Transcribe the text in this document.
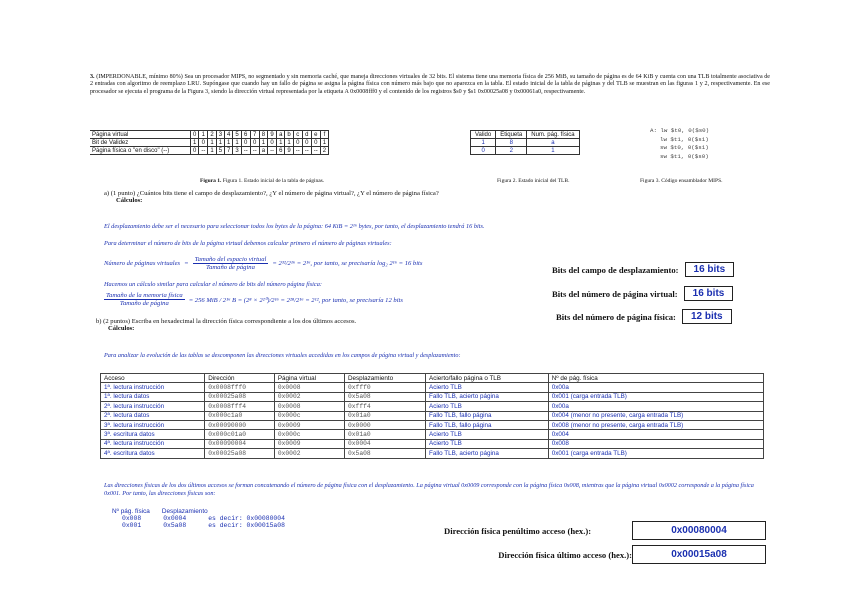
3. (IMPERDONABLE, mínimo 80%) Sea un procesador MIPS, no segmentado y sin memoria caché, que maneja direcciones virtuales de 32 bits. El sistema tiene una memoria física de 256 MiB, su tamaño de página es de 64 KiB y cuenta con una TLB totalmente asociativa de 2 entradas con algoritmo de reemplazo LRU. Supóngase que cuando hay un fallo de página se asigna la página física con número más bajo que no aparezca en la tabla. El estado inicial de la tabla de páginas y del TLB se muestran en las figuras 1 y 2, respectivamente. En ese procesador se ejecuta el programa de la Figura 3, siendo la dirección virtual representada por la etiqueta A 0x0008fff0 y el contenido de los registros $s0 y $s1 0x00025a08 y 0x00061a0, respectivamente.
Página virtual	0	1	2	3	4	5	6	7	8	9	a	b	c	d	e	f
Bit de Validez	1	0	1	1	1	1	0	0	1	0	1	1	0	0	0	1
Página física o "en disco" (--)	0	--	1	5	7	3	--	--	a	--	6	9	--	--	--	2
Figura 1. Figura 1. Estado inicial de la tabla de páginas.
Valido	Etiqueta	Num. pág. física
1	8	a
0	2	1
Figura 2. Estado inicial del TLB.
A: lw $t0, 0($s0)
lw $t1, 0($s1)
sw $t0, 0($s1)
sw $t1, 0($s0)
Figura 3. Código ensamblador MIPS.
a) (1 punto) ¿Cuántos bits tiene el campo de desplazamiento?, ¿Y el número de página virtual?, ¿Y el número de página física?
Cálculos:
El desplazamiento debe ser el necesario para seleccionar todos los bytes de la página: 64 KiB = 2¹⁶ bytes, por tanto, el desplazamiento tendrá 16 bits.
Para determinar el número de bits de la página virtual debemos calcular primero el número de páginas virtuales:
Número de páginas virtuales =
Tamaño del espacio virtual
Tamaño de página
= 2³²/2¹⁶ = 2¹⁶, por tanto, se precisaría log₂ 2¹⁶ = 16 bits
Hacemos un cálculo similar para calcular el número de bits del número página física:
Tamaño de la memoria física
Tamaño de página	= 256 MiB / 2¹⁶ B = (2⁸ × 2²⁰)/2¹⁶ = 2²⁸/2¹⁶ = 2¹², por tanto, se precisaría 12 bits
Bits del campo de desplazamiento:	16 bits
Bits del número de página virtual:	16 bits
Bits del número de página física:	12 bits
b) (2 puntos) Escriba en hexadecimal la dirección física correspondiente a los dos últimos accesos.
Cálculos:
Para analizar la evolución de las tablas se descomponen las direcciones virtuales accedidas en los campos de página virtual y desplazamiento:
Acceso	Dirección	Página virtual	Desplazamiento	Acierto/fallo página o TLB	Nº de pág. física
1ª. lectura instrucción	0x0008fff0	0x0008	0xfff0	Acierto TLB	0x00a
1ª. lectura datos	0x00025a08	0x0002	0x5a08	Fallo TLB, acierto página	0x001 (carga entrada TLB)
2ª. lectura instrucción	0x0008fff4	0x0008	0xfff4	Acierto TLB	0x00a
2ª. lectura datos	0x000c1a0	0x000c	0x01a0	Fallo TLB, fallo página	0x004 (menor no presente, carga entrada TLB)
3ª. lectura instrucción	0x00090000	0x0009	0x0000	Fallo TLB, fallo página	0x008 (menor no presente, carga entrada TLB)
3ª. escritura datos	0x000c01a0	0x000c	0x01a0	Acierto TLB	0x004
4ª. lectura instrucción	0x00090004	0x0009	0x0004	Acierto TLB	0x008
4ª. escritura datos	0x00025a08	0x0002	0x5a08	Fallo TLB, acierto página	0x001 (carga entrada TLB)
Las direcciones físicas de los dos últimos accesos se forman concatenando el número de página física con el desplazamiento. La página virtual 0x0009 corresponde con la página física 0x008, mientras que la página virtual 0x0002 corresponde a la página física 0x001. Por tanto, las direcciones físicas son:
Nº pág. física Desplazamiento
0x008	0x0004	es decir: 0x00080004
0x001	0x5a08	es decir: 0x00015a08	Dirección física penúltimo acceso (hex.):	0x00080004
Dirección física último acceso (hex.):	0x00015a08
